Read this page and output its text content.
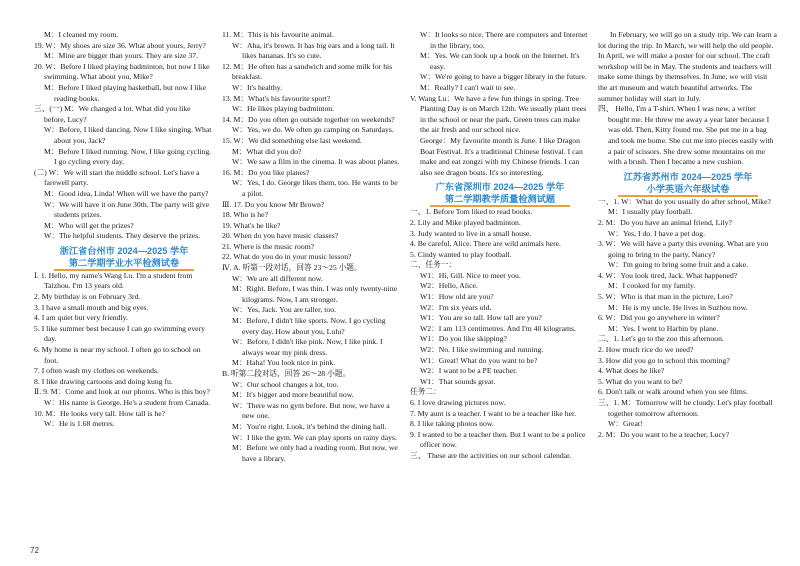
M：I cleaned my room.
19. W：My shoes are size 36. What about yours, Jerry?
M：Mine are bigger than yours. They are size 37.
20. W：Before I liked playing badminton, but now I like swimming. What about you, Mike?
M：Before I liked playing basketball, but now I like reading books.
三、(一) M：We changed a lot. What did you like before, Lucy?
W：Before, I liked dancing. Now I like singing. What about you, Jack?
M：Before I liked running. Now, I like going cycling. I go cycling every day.
(二) W：We will start the middle school. Let's have a farewell party.
M：Good idea, Linda! When will we have the party?
W：We will have it on June 30th. The party will give students prizes.
M：Who will get the prizes?
W：The helpful students. They deserve the prizes.
浙江省台州市 2024—2025 学年
第二学期学业水平检测试卷
Ⅰ. 1. Hello, my name's Wang Lu. I'm a student from Taizhou. I'm 13 years old.
2. My birthday is on February 3rd.
3. I have a small mouth and big eyes.
4. I am quiet but very friendly.
5. I like summer best because I can go swimming every day.
6. My home is near my school. I often go to school on foot.
7. I often wash my clothes on weekends.
8. I like drawing cartoons and doing kung fu.
Ⅱ. 9. M：Come and look at our photos. Who is this boy?
W：His name is George. He's a student from Canada.
10. M：He looks very tall. How tall is he?
W：He is 1.68 metres.
11. M：This is his favourite animal.
W：Aha, it's brown. It has big ears and a long tail. It likes bananas. It's so cute.
12. M：He often has a sandwich and some milk for his breakfast.
W：It's healthy.
13. M：What's his favourite sport?
W：He likes playing badminton.
14. M：Do you often go outside together on weekends?
W：Yes, we do. We often go camping on Saturdays.
15. W：We did something else last weekend.
M：What did you do?
W：We saw a film in the cinema. It was about planes.
16. M：Do you like planes?
W：Yes, I do. George likes them, too. He wants to be a pilot.
Ⅲ. 17. Do you know Mr Brown?
18. Who is he?
19. What's he like?
20. When do you have music classes?
21. Where is the music room?
22. What do you do in your music lesson?
Ⅳ. A. 听第一段对话，回答 23～25 小题。
W：We are all different now.
M：Right. Before, I was thin. I was only twenty-nine kilograms. Now, I am stronger.
W：Yes, Jack. You are taller, too.
M：Before, I didn't like sports. Now, I go cycling every day. How about you, Lulu?
W：Before, I didn't like pink. Now, I like pink. I always wear my pink dress.
M：Haha! You look nice in pink.
B. 听第二段对话，回答 26～28 小题。
W：Our school changes a lot, too.
M：It's bigger and more beautiful now.
W：There was no gym before. But now, we have a new one.
M：You're right. Look, it's behind the dining hall.
W：I like the gym. We can play sports on rainy days.
M：Before we only had a reading room. But now, we have a library.
W：It looks so nice. There are computers and Internet in the library, too.
M：Yes. We can look up a book on the Internet. It's easy.
W：We're going to have a bigger library in the future.
M：Really? I can't wait to see.
V. Wang Lu：We have a few fun things in spring. Tree Planting Day is on March 12th. We usually plant trees in the school or near the park. Green trees can make the air fresh and our school nice.
George：My favourite month is June. I like Dragon Boat Festival. It's a traditional Chinese festival. I can make and eat zongzi with my Chinese friends. I can also see dragon boats. It's so interesting.
广东省深圳市 2024—2025 学年
第二学期教学质量检测试题
一、1. Before Tom liked to read books.
2. Lily and Mike played badminton.
3. Judy wanted to live in a small house.
4. Be careful, Alice. There are wild animals here.
5. Cindy wanted to play football.
二、任务一：
W1：Hi, Gill. Nice to meet you.
W2：Hello, Alice.
W1：How old are you?
W2：I'm six years old.
W1：You are so tall. How tall are you?
W2：I am 113 centimetres. And I'm 40 kilograms.
W1：Do you like skipping?
W2：No. I like swimming and running.
W1：Great! What do you want to be?
W2：I want to be a PE teacher.
W1：That sounds great.
任务二：
6. I love drawing pictures now.
7. My aunt is a teacher. I want to be a teacher like her.
8. I like taking photos now.
9. I wanted to be a teacher then. But I want to be a police officer now.
三、 These are the activities on our school calendar.
In February, we will go on a study trip. We can learn a lot during the trip. In March, we will help the old people. In April, we will make a poster for our school. The craft workshop will be in May. The students and teachers will make some things by themselves. In June, we will visit the art museum and watch beautiful artworks. The summer holiday will start in July.
四、 Hello, I'm a T-shirt. When I was new, a writer bought me. He threw me away a year later because I was old. Then, Kitty found me. She put me in a bag and took me home. She cut me into pieces easily with a pair of scissors. She drew some mountains on me with a brush. Then I became a new cushion.
江苏省苏州市 2024—2025 学年
小学英语六年级试卷
一、1. W：What do you usually do after school, Mike?
M：I usually play football.
2. M：Do you have an animal friend, Lily?
W：Yes, I do. I have a pet dog.
3. W：We will have a party this evening. What are you going to bring to the party, Nancy?
W：I'm going to bring some fruit and a cake.
4. W：You look tired, Jack. What happened?
M：I cooked for my family.
5. W：Who is that man in the picture, Leo?
M：He is my uncle. He lives in Suzhou now.
6. W：Did you go anywhere in winter?
M：Yes. I went to Harbin by plane.
二、1. Let's go to the zoo this afternoon.
2. How much rice do we need?
3. How did you go to school this morning?
4. What does he like?
5. What do you want to be?
6. Don't talk or walk around when you see films.
三、1. M：Tomorrow will be cloudy. Let's play football together tomorrow afternoon.
W：Great!
2. M：Do you want to be a teacher, Lucy?
72
